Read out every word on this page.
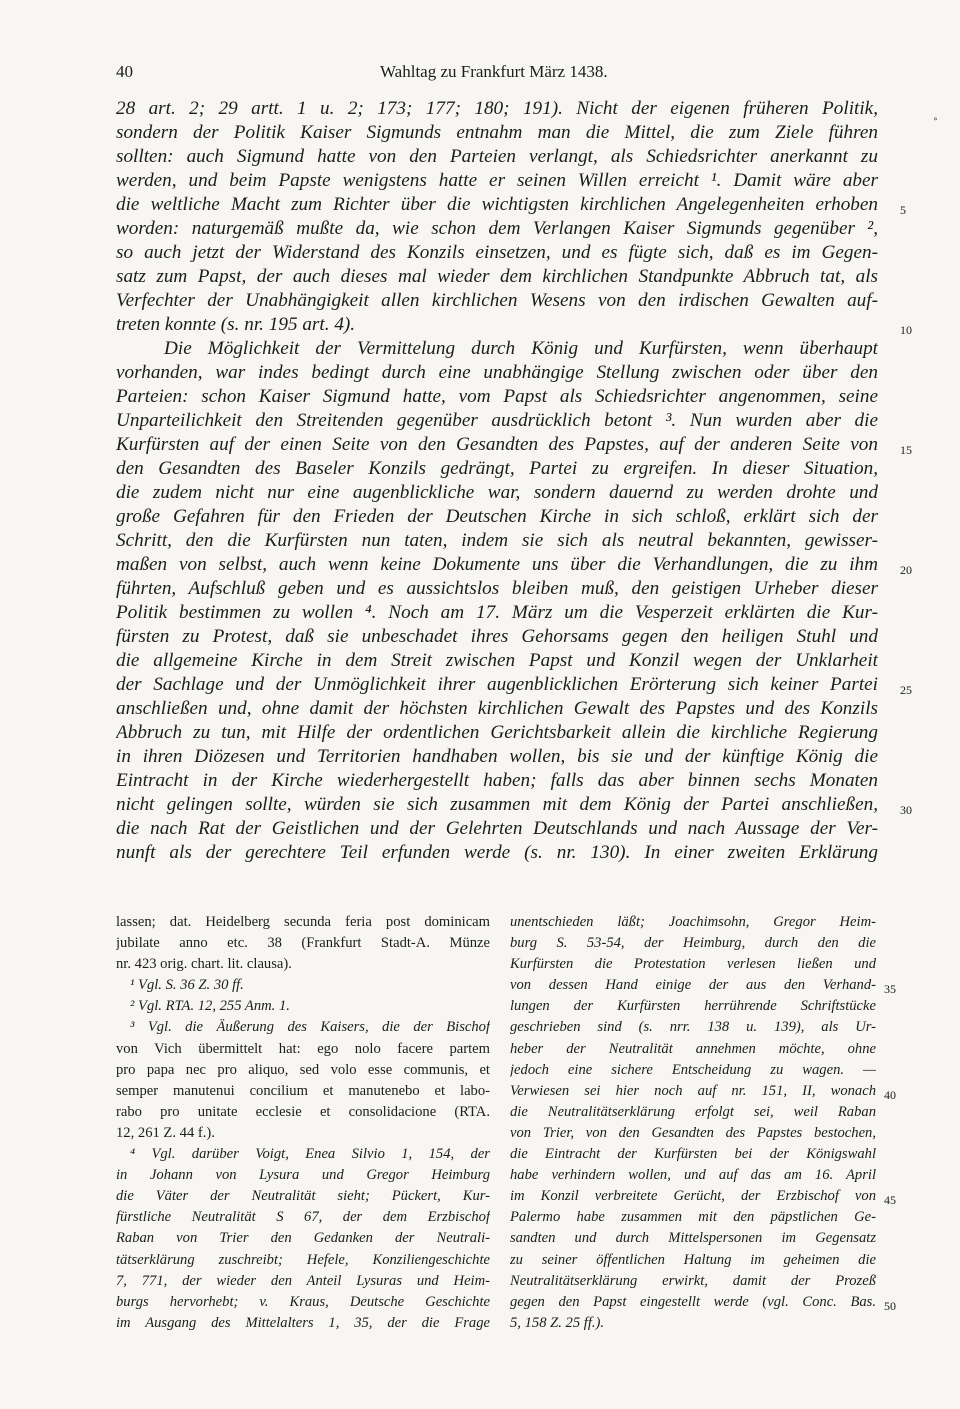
40	Wahltag zu Frankfurt März 1438.
∘
28 art. 2; 29 artt. 1 u. 2; 173; 177; 180; 191). Nicht der eigenen früheren Politik,
sondern der Politik Kaiser Sigmunds entnahm man die Mittel, die zum Ziele führen
sollten: auch Sigmund hatte von den Parteien verlangt, als Schiedsrichter anerkannt zu
werden, und beim Papste wenigstens hatte er seinen Willen erreicht ¹. Damit wäre aber
die weltliche Macht zum Richter über die wichtigsten kirchlichen Angelegenheiten erhoben
worden: naturgemäß mußte da, wie schon dem Verlangen Kaiser Sigmunds gegenüber ²,
so auch jetzt der Widerstand des Konzils einsetzen, und es fügte sich, daß es im Gegen-
satz zum Papst, der auch dieses mal wieder dem kirchlichen Standpunkte Abbruch tat, als
Verfechter der Unabhängigkeit allen kirchlichen Wesens von den irdischen Gewalten auf-
treten konnte (s. nr. 195 art. 4).
Die Möglichkeit der Vermittelung durch König und Kurfürsten, wenn überhaupt
vorhanden, war indes bedingt durch eine unabhängige Stellung zwischen oder über den
Parteien: schon Kaiser Sigmund hatte, vom Papst als Schiedsrichter angenommen, seine
Unparteilichkeit den Streitenden gegenüber ausdrücklich betont ³. Nun wurden aber die
Kurfürsten auf der einen Seite von den Gesandten des Papstes, auf der anderen Seite von
den Gesandten des Baseler Konzils gedrängt, Partei zu ergreifen. In dieser Situation,
die zudem nicht nur eine augenblickliche war, sondern dauernd zu werden drohte und
große Gefahren für den Frieden der Deutschen Kirche in sich schloß, erklärt sich der
Schritt, den die Kurfürsten nun taten, indem sie sich als neutral bekannten, gewisser-
maßen von selbst, auch wenn keine Dokumente uns über die Verhandlungen, die zu ihm
führten, Aufschluß geben und es aussichtslos bleiben muß, den geistigen Urheber dieser
Politik bestimmen zu wollen ⁴. Noch am 17. März um die Vesperzeit erklärten die Kur-
fürsten zu Protest, daß sie unbeschadet ihres Gehorsams gegen den heiligen Stuhl und
die allgemeine Kirche in dem Streit zwischen Papst und Konzil wegen der Unklarheit
der Sachlage und der Unmöglichkeit ihrer augenblicklichen Erörterung sich keiner Partei
anschließen und, ohne damit der höchsten kirchlichen Gewalt des Papstes und des Konzils
Abbruch zu tun, mit Hilfe der ordentlichen Gerichtsbarkeit allein die kirchliche Regierung
in ihren Diözesen und Territorien handhaben wollen, bis sie und der künftige König die
Eintracht in der Kirche wiederhergestellt haben; falls das aber binnen sechs Monaten
nicht gelingen sollte, würden sie sich zusammen mit dem König der Partei anschließen,
die nach Rat der Geistlichen und der Gelehrten Deutschlands und nach Aussage der Ver-
nunft als der gerechtere Teil erfunden werde (s. nr. 130). In einer zweiten Erklärung
5
10
15
20
25
30
lassen; dat. Heidelberg secunda feria post dominicam
jubilate anno etc. 38 (Frankfurt Stadt-A. Münze
nr. 423 orig. chart. lit. clausa).
¹ Vgl. S. 36 Z. 30 ff.
² Vgl. RTA. 12, 255 Anm. 1.
³ Vgl. die Äußerung des Kaisers, die der Bischof
von Vich übermittelt hat: ego nolo facere partem
pro papa nec pro aliquo, sed volo esse communis, et
semper manutenui concilium et manutenebo et labo-
rabo pro unitate ecclesie et consolidacione (RTA.
12, 261 Z. 44 f.).
⁴ Vgl. darüber Voigt, Enea Silvio 1, 154, der
in Johann von Lysura und Gregor Heimburg
die Väter der Neutralität sieht; Pückert, Kur-
fürstliche Neutralität S 67, der dem Erzbischof
Raban von Trier den Gedanken der Neutrali-
tätserklärung zuschreibt; Hefele, Konziliengeschichte
7, 771, der wieder den Anteil Lysuras und Heim-
burgs hervorhebt; v. Kraus, Deutsche Geschichte
im Ausgang des Mittelalters 1, 35, der die Frage
unentschieden läßt; Joachimsohn, Gregor Heim-
burg S. 53-54, der Heimburg, durch den die
Kurfürsten die Protestation verlesen ließen und
von dessen Hand einige der aus den Verhand-
lungen der Kurfürsten herrührende Schriftstücke
geschrieben sind (s. nrr. 138 u. 139), als Ur-
heber der Neutralität annehmen möchte, ohne
jedoch eine sichere Entscheidung zu wagen. —
Verwiesen sei hier noch auf nr. 151, II, wonach
die Neutralitätserklärung erfolgt sei, weil Raban
von Trier, von den Gesandten des Papstes bestochen,
die Eintracht der Kurfürsten bei der Königswahl
habe verhindern wollen, und auf das am 16. April
im Konzil verbreitete Gerücht, der Erzbischof von
Palermo habe zusammen mit den päpstlichen Ge-
sandten und durch Mittelspersonen im Gegensatz
zu seiner öffentlichen Haltung im geheimen die
Neutralitätserklärung erwirkt, damit der Prozeß
gegen den Papst eingestellt werde (vgl. Conc. Bas.
5, 158 Z. 25 ff.).
35
40
45
50
